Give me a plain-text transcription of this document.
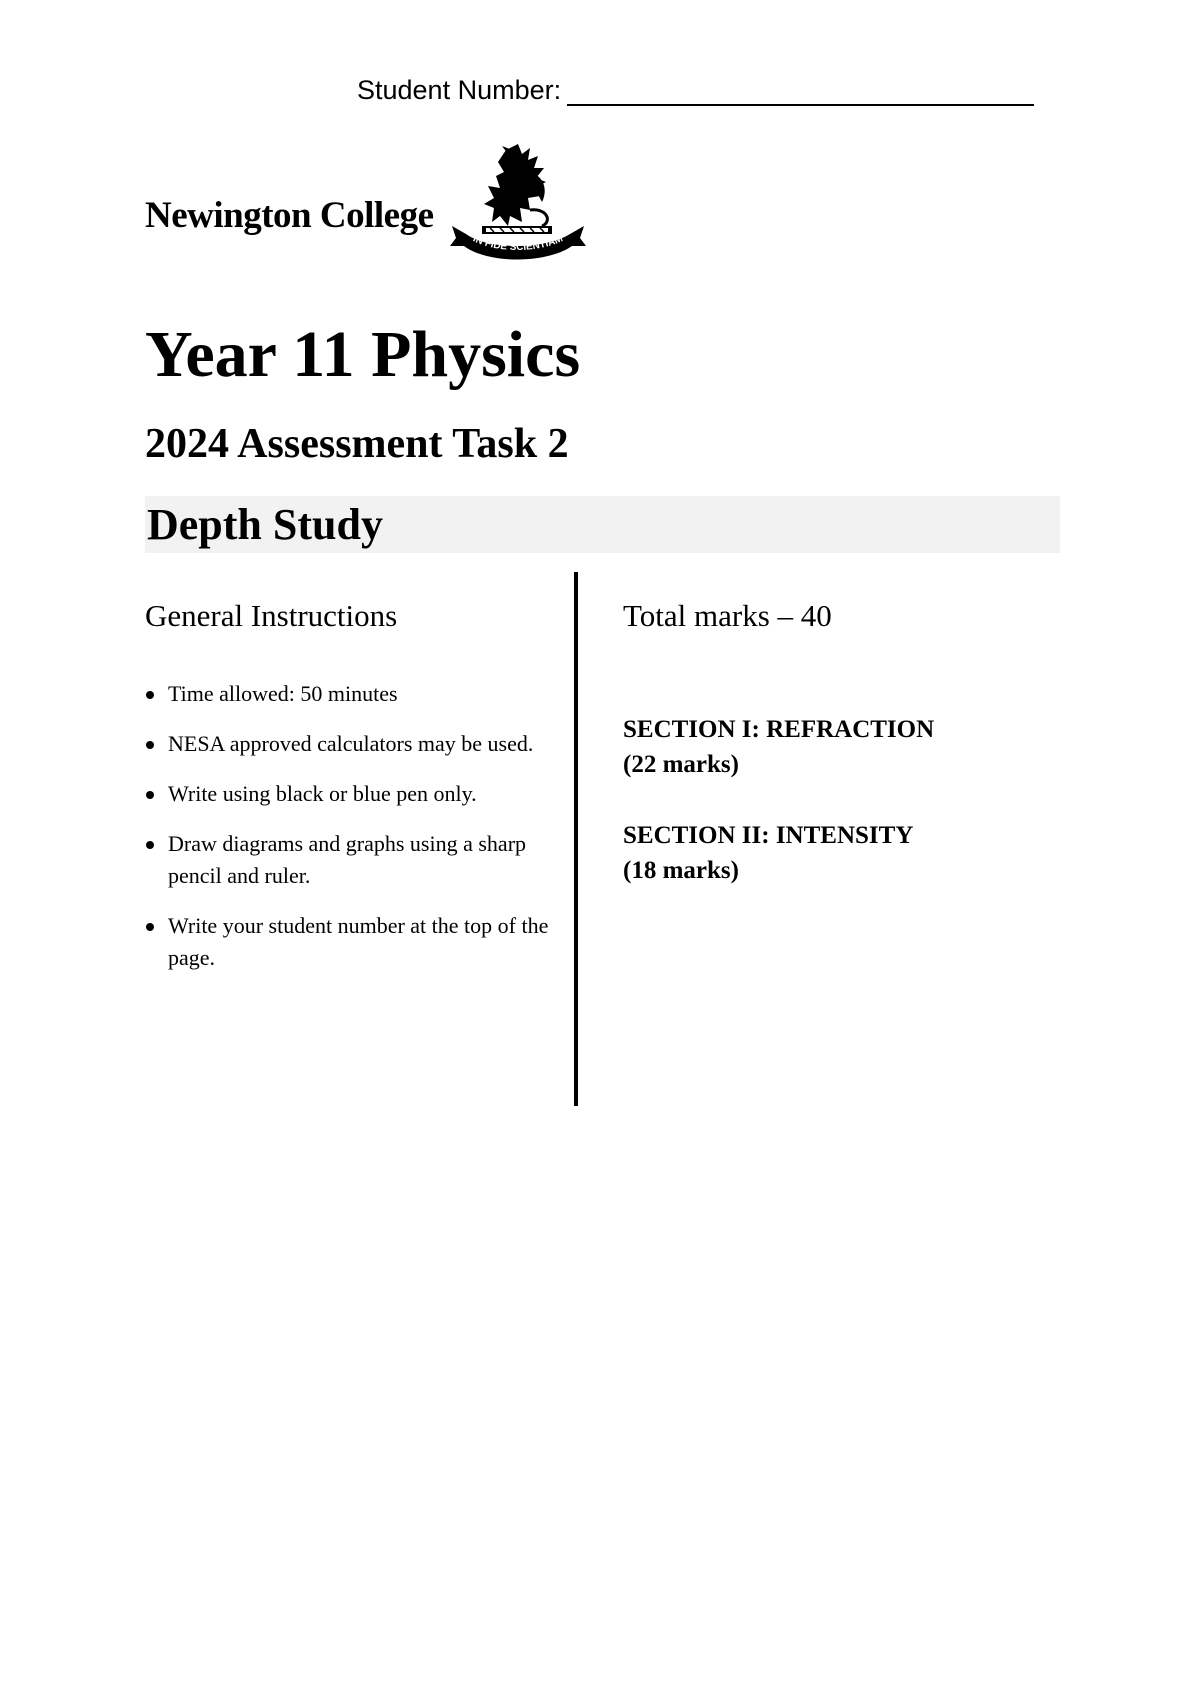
Student Number:
Newington College
IN FIDE SCIENTIAM
Year 11 Physics
2024 Assessment Task 2
Depth Study

General Instructions

Time allowed: 50 minutes
NESA approved calculators may be used.
Write using black or blue pen only.
Draw diagrams and graphs using a sharp pencil and ruler.
Write your student number at the top of the page.

Total marks – 40

SECTION I: REFRACTION
(22 marks)
SECTION II: INTENSITY
(18 marks)
